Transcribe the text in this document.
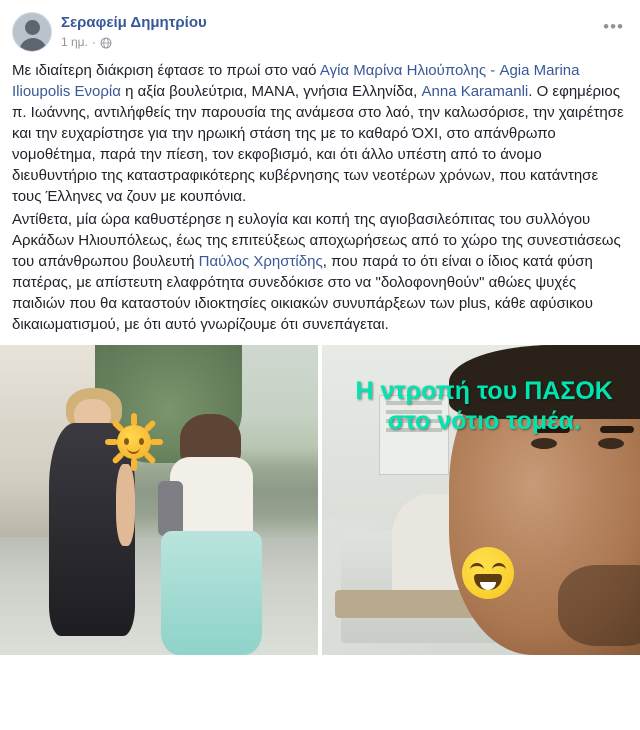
Σεραφείμ Δημητρίου
1 ημ. ·
•••

Με ιδιαίτερη διάκριση έφτασε το πρωί στο ναό Αγία Μαρίνα Ηλιούπολης - Agia Marina Ilioupolis Ενορία η αξία βουλεύτρια, ΜΑΝΑ, γνήσια Ελληνίδα, Anna Karamanli. Ο εφημέριος π. Ιωάννης, αντιλήφθείς την παρουσία της ανάμεσα στο λαό, την καλωσόρισε, την χαιρέτησε και την ευχαρίστησε για την ηρωική στάση της με το καθαρό ΌΧΙ, στο απάνθρωπο νομοθέτημα, παρά την πίεση, τον εκφοβισμό, και ότι άλλο υπέστη από το άνομο διευθυντήριο της καταστραφικότερης κυβέρνησης των νεοτέρων χρόνων, που κατάντησε τους Έλληνες να ζουν με κουπόνια.

Αντίθετα, μία ώρα καθυστέρησε η ευλογία και κοπή της αγιοβασιλεόπιτας του συλλόγου Αρκάδων Ηλιουπόλεως, έως της επιτεύξεως αποχωρήσεως από το χώρο της συνεστιάσεως του απάνθρωπου βουλευτή Παύλος Χρηστίδης, που παρά το ότι είναι ο ίδιος κατά φύση πατέρας, με απίστευτη ελαφρότητα συνεδόκισε στο να "δολοφονηθούν" αθώες ψυχές παιδιών που θα καταστούν ιδιοκτησίες οικιακών συνυπάρξεων των plus, κάθε αφύσικου δικαιωματισμού, με ότι αυτό γνωρίζουμε ότι συνεπάγεται.

Η ντροπή του ΠΑΣΟΚ στο νότιο τομέα.
